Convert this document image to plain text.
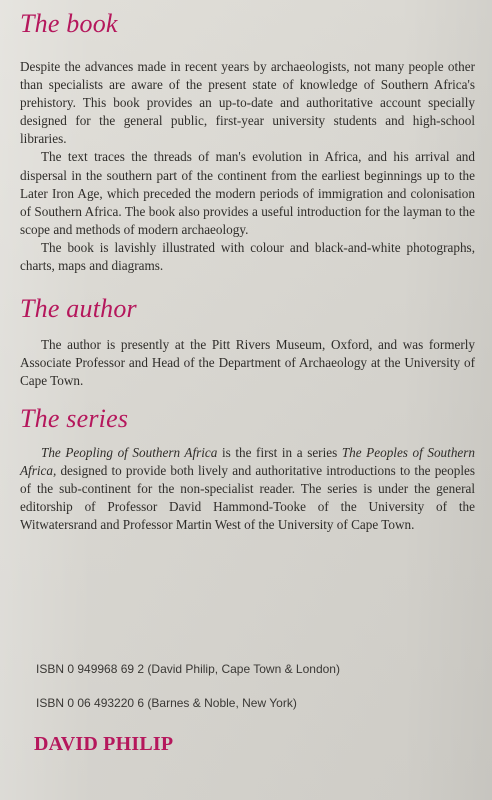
The book

Despite the advances made in recent years by archaeologists, not many people other than specialists are aware of the present state of knowledge of Southern Africa's prehistory. This book provides an up-to-date and authoritative account specially designed for the general public, first-year university students and high-school libraries.

The text traces the threads of man's evolution in Africa, and his arrival and dispersal in the southern part of the continent from the earliest beginnings up to the Later Iron Age, which preceded the modern periods of immigration and colonisation of Southern Africa. The book also provides a useful introduction for the layman to the scope and methods of modern archaeology.

The book is lavishly illustrated with colour and black-and-white photographs, charts, maps and diagrams.

The author

The author is presently at the Pitt Rivers Museum, Oxford, and was formerly Associate Professor and Head of the Department of Archaeology at the University of Cape Town.

The series

The Peopling of Southern Africa is the first in a series The Peoples of Southern Africa, designed to provide both lively and authoritative introductions to the peoples of the sub-continent for the non-specialist reader. The series is under the general editorship of Professor David Hammond-Tooke of the University of the Witwatersrand and Professor Martin West of the University of Cape Town.

ISBN 0 949968 69 2 (David Philip, Cape Town & London)

ISBN 0 06 493220 6 (Barnes & Noble, New York)

DAVID PHILIP
